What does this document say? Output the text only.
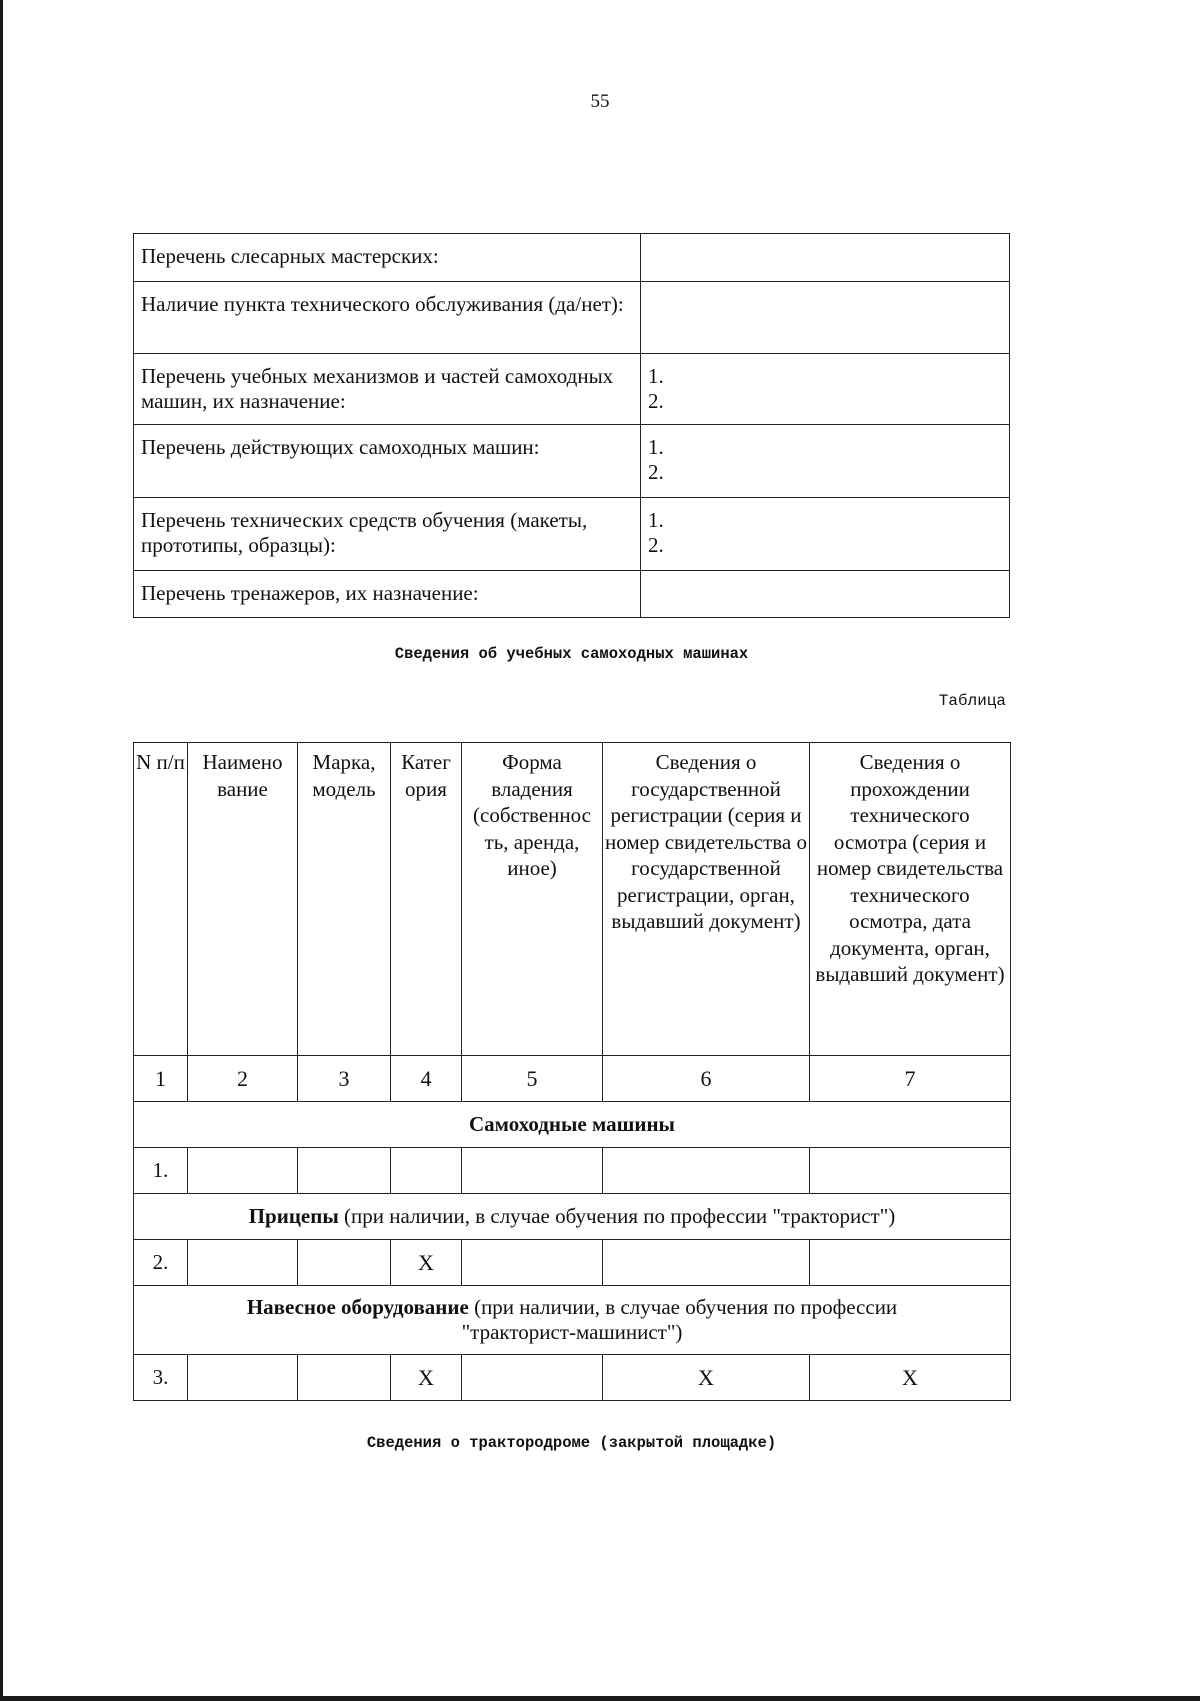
55
Перечень слесарных мастерских:	
Наличие пункта технического обслуживания (да/нет):	
Перечень учебных механизмов и частей самоходных машин, их назначение:	1.
2.

Перечень действующих самоходных машин:	1.
2.

Перечень технических средств обучения (макеты, прототипы, образцы):	1.
2.

Перечень тренажеров, их назначение:	
Сведения об учебных самоходных машинах
Таблица
N п/п	Наимено вание	Марка, модель	Катег ория	Форма владения (собственнос ть, аренда, иное)	Сведения о государственной регистрации (серия и номер свидетельства о государственной регистрации, орган, выдавший документ)	Сведения о прохождении технического осмотра (серия и номер свидетельства технического осмотра, дата документа, орган, выдавший документ)
1	2	3	4	5	6	7
Самоходные машины						
1.						
Прицепы (при наличии, в случае обучения по профессии "тракторист")						
2.			X			
Навесное оборудование (при наличии, в случае обучения по профессии "тракторист-машинист")						
3.			X		X	X
Сведения о трактородроме (закрытой площадке)
